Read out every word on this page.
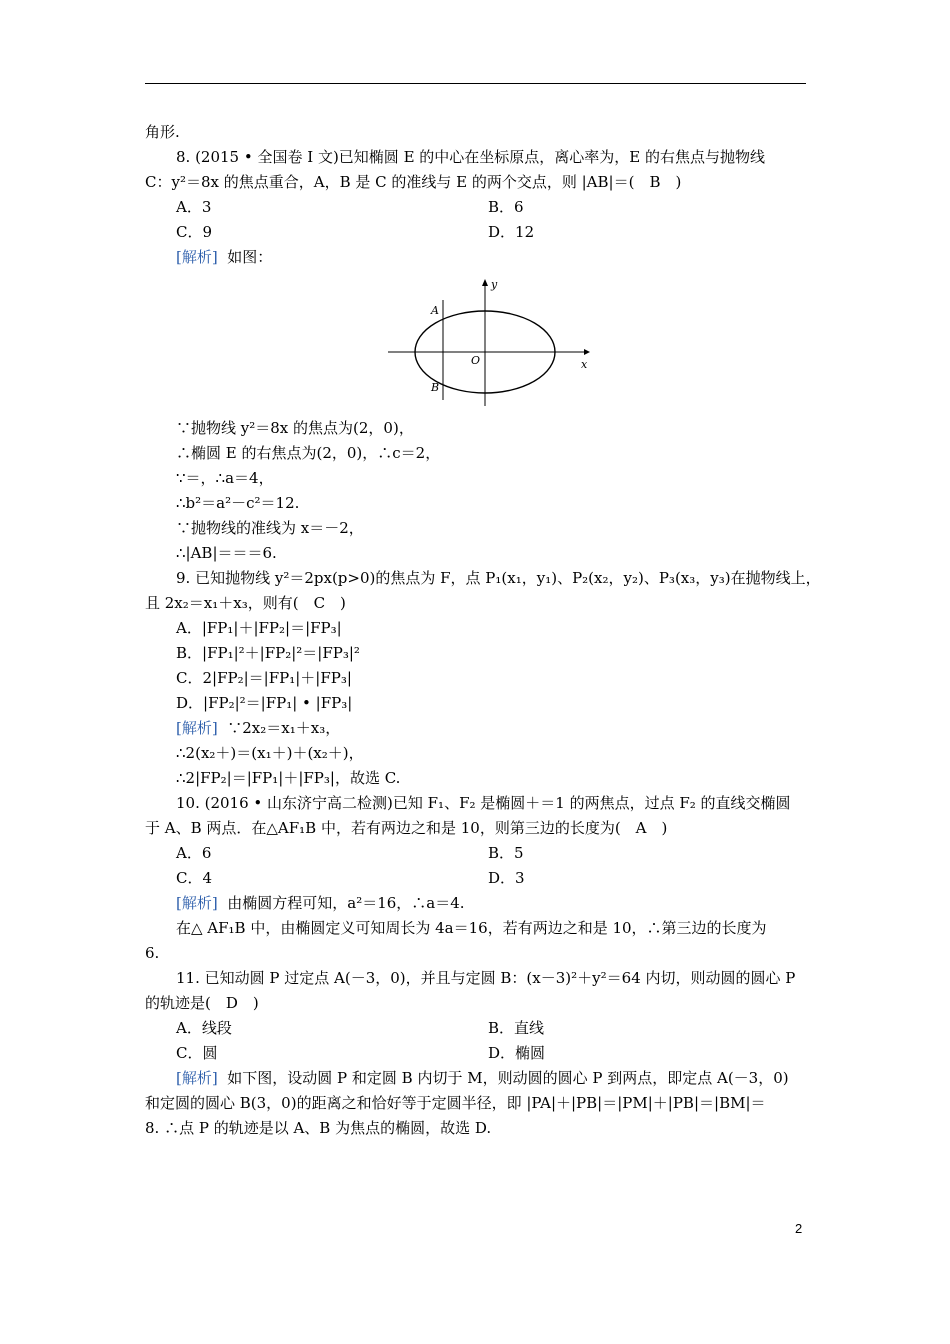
角形.
8. (2015 • 全国卷 I 文)已知椭圆 E 的中心在坐标原点，离心率为，E 的右焦点与抛物线
C：y²＝8x 的焦点重合，A，B 是 C 的准线与 E 的两个交点，则 |AB|＝(　B　)
A．3	B．6
C．9	D．12
[解析] 如图：
y
x
O
A
B
∵抛物线 y²＝8x 的焦点为(2，0)，
∴椭圆 E 的右焦点为(2，0)，∴c＝2，
∵＝，∴a＝4，
∴b²＝a²－c²＝12.
∵抛物线的准线为 x＝－2，
∴|AB|＝＝＝6.
9. 已知抛物线 y²＝2px(p>0)的焦点为 F，点 P₁(x₁，y₁)、P₂(x₂，y₂)、P₃(x₃，y₃)在抛物线上，
且 2x₂＝x₁＋x₃，则有(　C　)
A．|FP₁|＋|FP₂|＝|FP₃|
B．|FP₁|²＋|FP₂|²＝|FP₃|²
C．2|FP₂|＝|FP₁|＋|FP₃|
D．|FP₂|²＝|FP₁| • |FP₃|
[解析] ∵2x₂＝x₁＋x₃，
∴2(x₂＋)＝(x₁＋)＋(x₂＋)，
∴2|FP₂|＝|FP₁|＋|FP₃|，故选 C.
10. (2016 • 山东济宁高二检测)已知 F₁、F₂ 是椭圆＋＝1 的两焦点，过点 F₂ 的直线交椭圆
于 A、B 两点．在△AF₁B 中，若有两边之和是 10，则第三边的长度为(　A　)
A．6	B．5
C．4	D．3
[解析] 由椭圆方程可知，a²＝16，∴a＝4.
在△ AF₁B 中，由椭圆定义可知周长为 4a＝16，若有两边之和是 10，∴第三边的长度为
6.
11. 已知动圆 P 过定点 A(－3，0)，并且与定圆 B：(x－3)²＋y²＝64 内切，则动圆的圆心 P
的轨迹是(　D　)
A．线段	B．直线
C．圆	D．椭圆
[解析] 如下图，设动圆 P 和定圆 B 内切于 M，则动圆的圆心 P 到两点，即定点 A(－3，0)
和定圆的圆心 B(3，0)的距离之和恰好等于定圆半径，即 |PA|＋|PB|＝|PM|＋|PB|＝|BM|＝
8. ∴点 P 的轨迹是以 A、B 为焦点的椭圆，故选 D.
2
